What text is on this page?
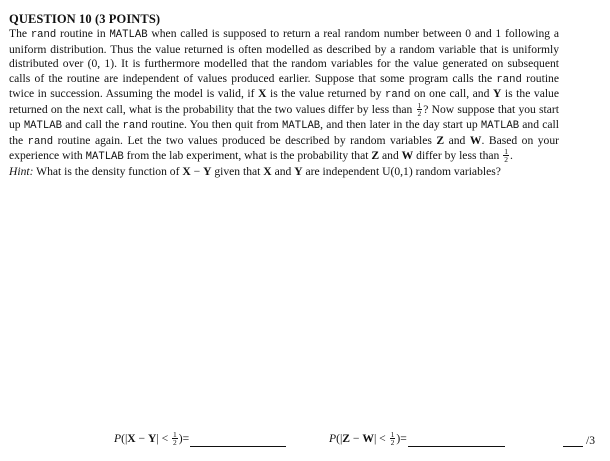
QUESTION 10 (3 POINTS)
The rand routine in MATLAB when called is supposed to return a real random number between 0 and 1 following a uniform distribution. Thus the value returned is often modelled as described by a random variable that is uniformly distributed over (0, 1). It is furthermore modelled that the random variables for the value generated on subsequent calls of the routine are independent of values produced earlier. Suppose that some program calls the rand routine twice in succession. Assuming the model is valid, if X is the value returned by rand on one call, and Y is the value returned on the next call, what is the probability that the two values differ by less than $\frac{1}{2}$ ? Now suppose that you start up MATLAB and call the rand routine. You then quit from MATLAB, and then later in the day start up MATLAB and call the rand routine again. Let the two values produced be described by random variables Z and W. Based on your experience with MATLAB from the lab experiment, what is the probability that Z and W differ by less than $\frac{1}{2}$ .
Hint: What is the density function of X − Y given that X and Y are independent U(0,1) random variables?
$P(|X - Y| < \frac{1}{2}$ )=	$P(|Z - W| < \frac{1}{2}$ )=	/3
